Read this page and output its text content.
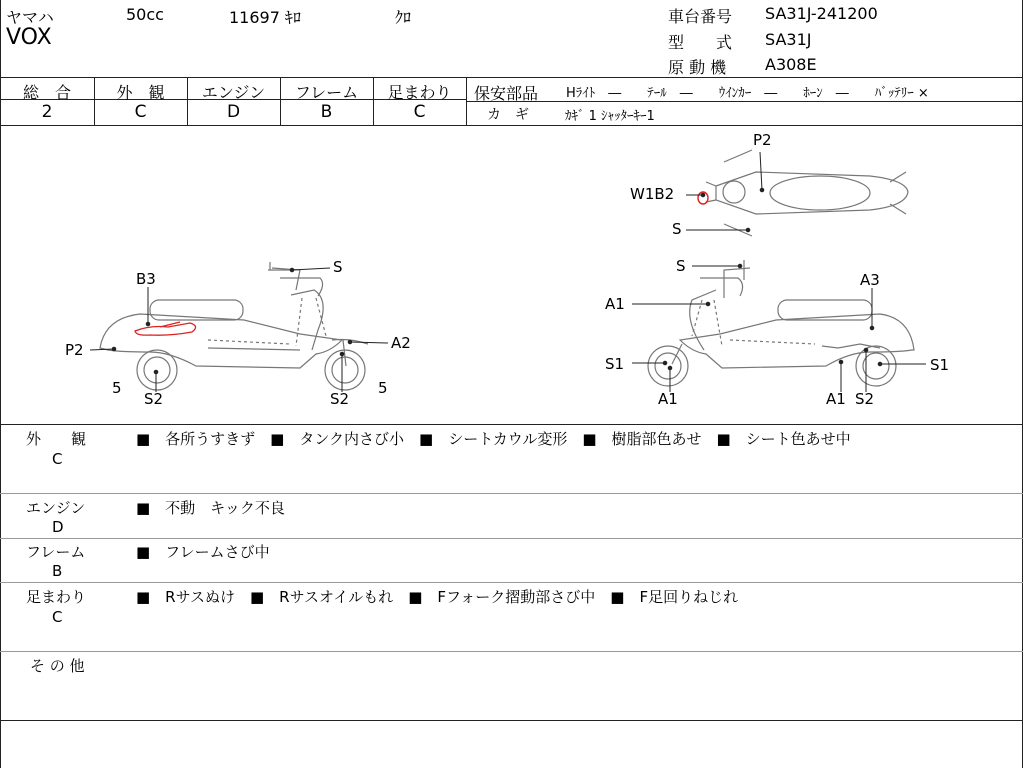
ヤマハ	50cc	11697 ｷﾛ	ｸﾛ
VOX
車台番号 SA31J-241200
型　　式 SA31J
原 動 機 A308E
総　合
2
外　観
C
エンジン
D
フレーム
B
足まわり
C
保安部品 Hﾗｲﾄ　―　　ﾃｰﾙ　―　　ｳｲﾝｶｰ　―　　ﾎｰﾝ　―　　ﾊﾞｯﾃﾘｰ ×
カ　ギ	ｶｷﾞ 1 ｼｬｯﾀｰｷｰ1
S
B3
P2	A2
5
S2	S2
5
P2
W1B2
S
S
A3
A1
S1	S1
A1	A1 S2
外　　観
C
■　各所うすきず　■　タンク内さび小　■　シートカウル変形　■　樹脂部色あせ　■　シート色あせ中
エンジン
D
■　不動　キック不良
フレーム
B
■　フレームさび中
足まわり
C
■　Rサスぬけ　■　Rサスオイルもれ　■　Fフォーク摺動部さび中　■　F足回りねじれ
そ の 他
